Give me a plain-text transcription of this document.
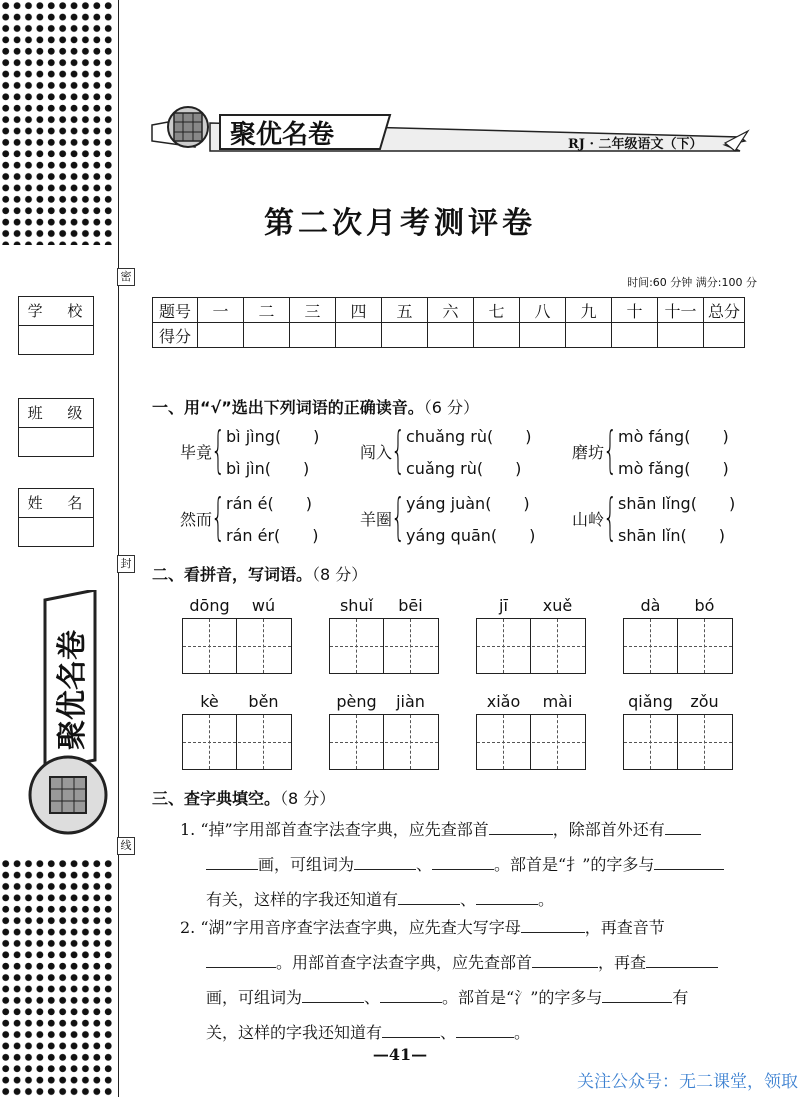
密
封
线
学 校
班 级
姓 名
聚优名卷
聚优名卷	RJ · 二年级语文（下）
第二次月考测评卷
时间:60 分钟 满分:100 分
题号	一	二	三	四	五	六	七	八	九	十	十一	总分
得分												
一、用“√”选出下列词语的正确读音。（6 分）
毕竟
{ bì jìng(　　)
bì jìn(　　)
闯入
{ chuǎng rù(　　)
cuǎng rù(　　)
磨坊
{ mò fáng(　　)
mò fǎng(　　)
然而
{ rán é(　　)
rán ér(　　)
羊圈
{ yáng juàn(　　)
yáng quān(　　)
山岭
{ shān lǐng(　　)
shān lǐn(　　)
二、看拼音，写词语。（8 分）
dōng	wú	shuǐ	bēi	jī	xuě	dà	bó
kè	běn	pèng	jiàn	xiǎo	mài	qiǎng	zǒu
三、查字典填空。（8 分）
1. “掉”字用部首查字法查字典，应先查部首	，除部首外还有
画，可组词为	、	。部首是“扌”的字多与
有关，这样的字我还知道有	、	。
2. “湖”字用音序查字法查字典，应先查大写字母	，再查音节
。用部首查字法查字典，应先查部首	，再查
画，可组词为	、	。部首是“氵”的字多与	有
关，这样的字我还知道有	、	。
—41—
关注公众号：无二课堂，领取
